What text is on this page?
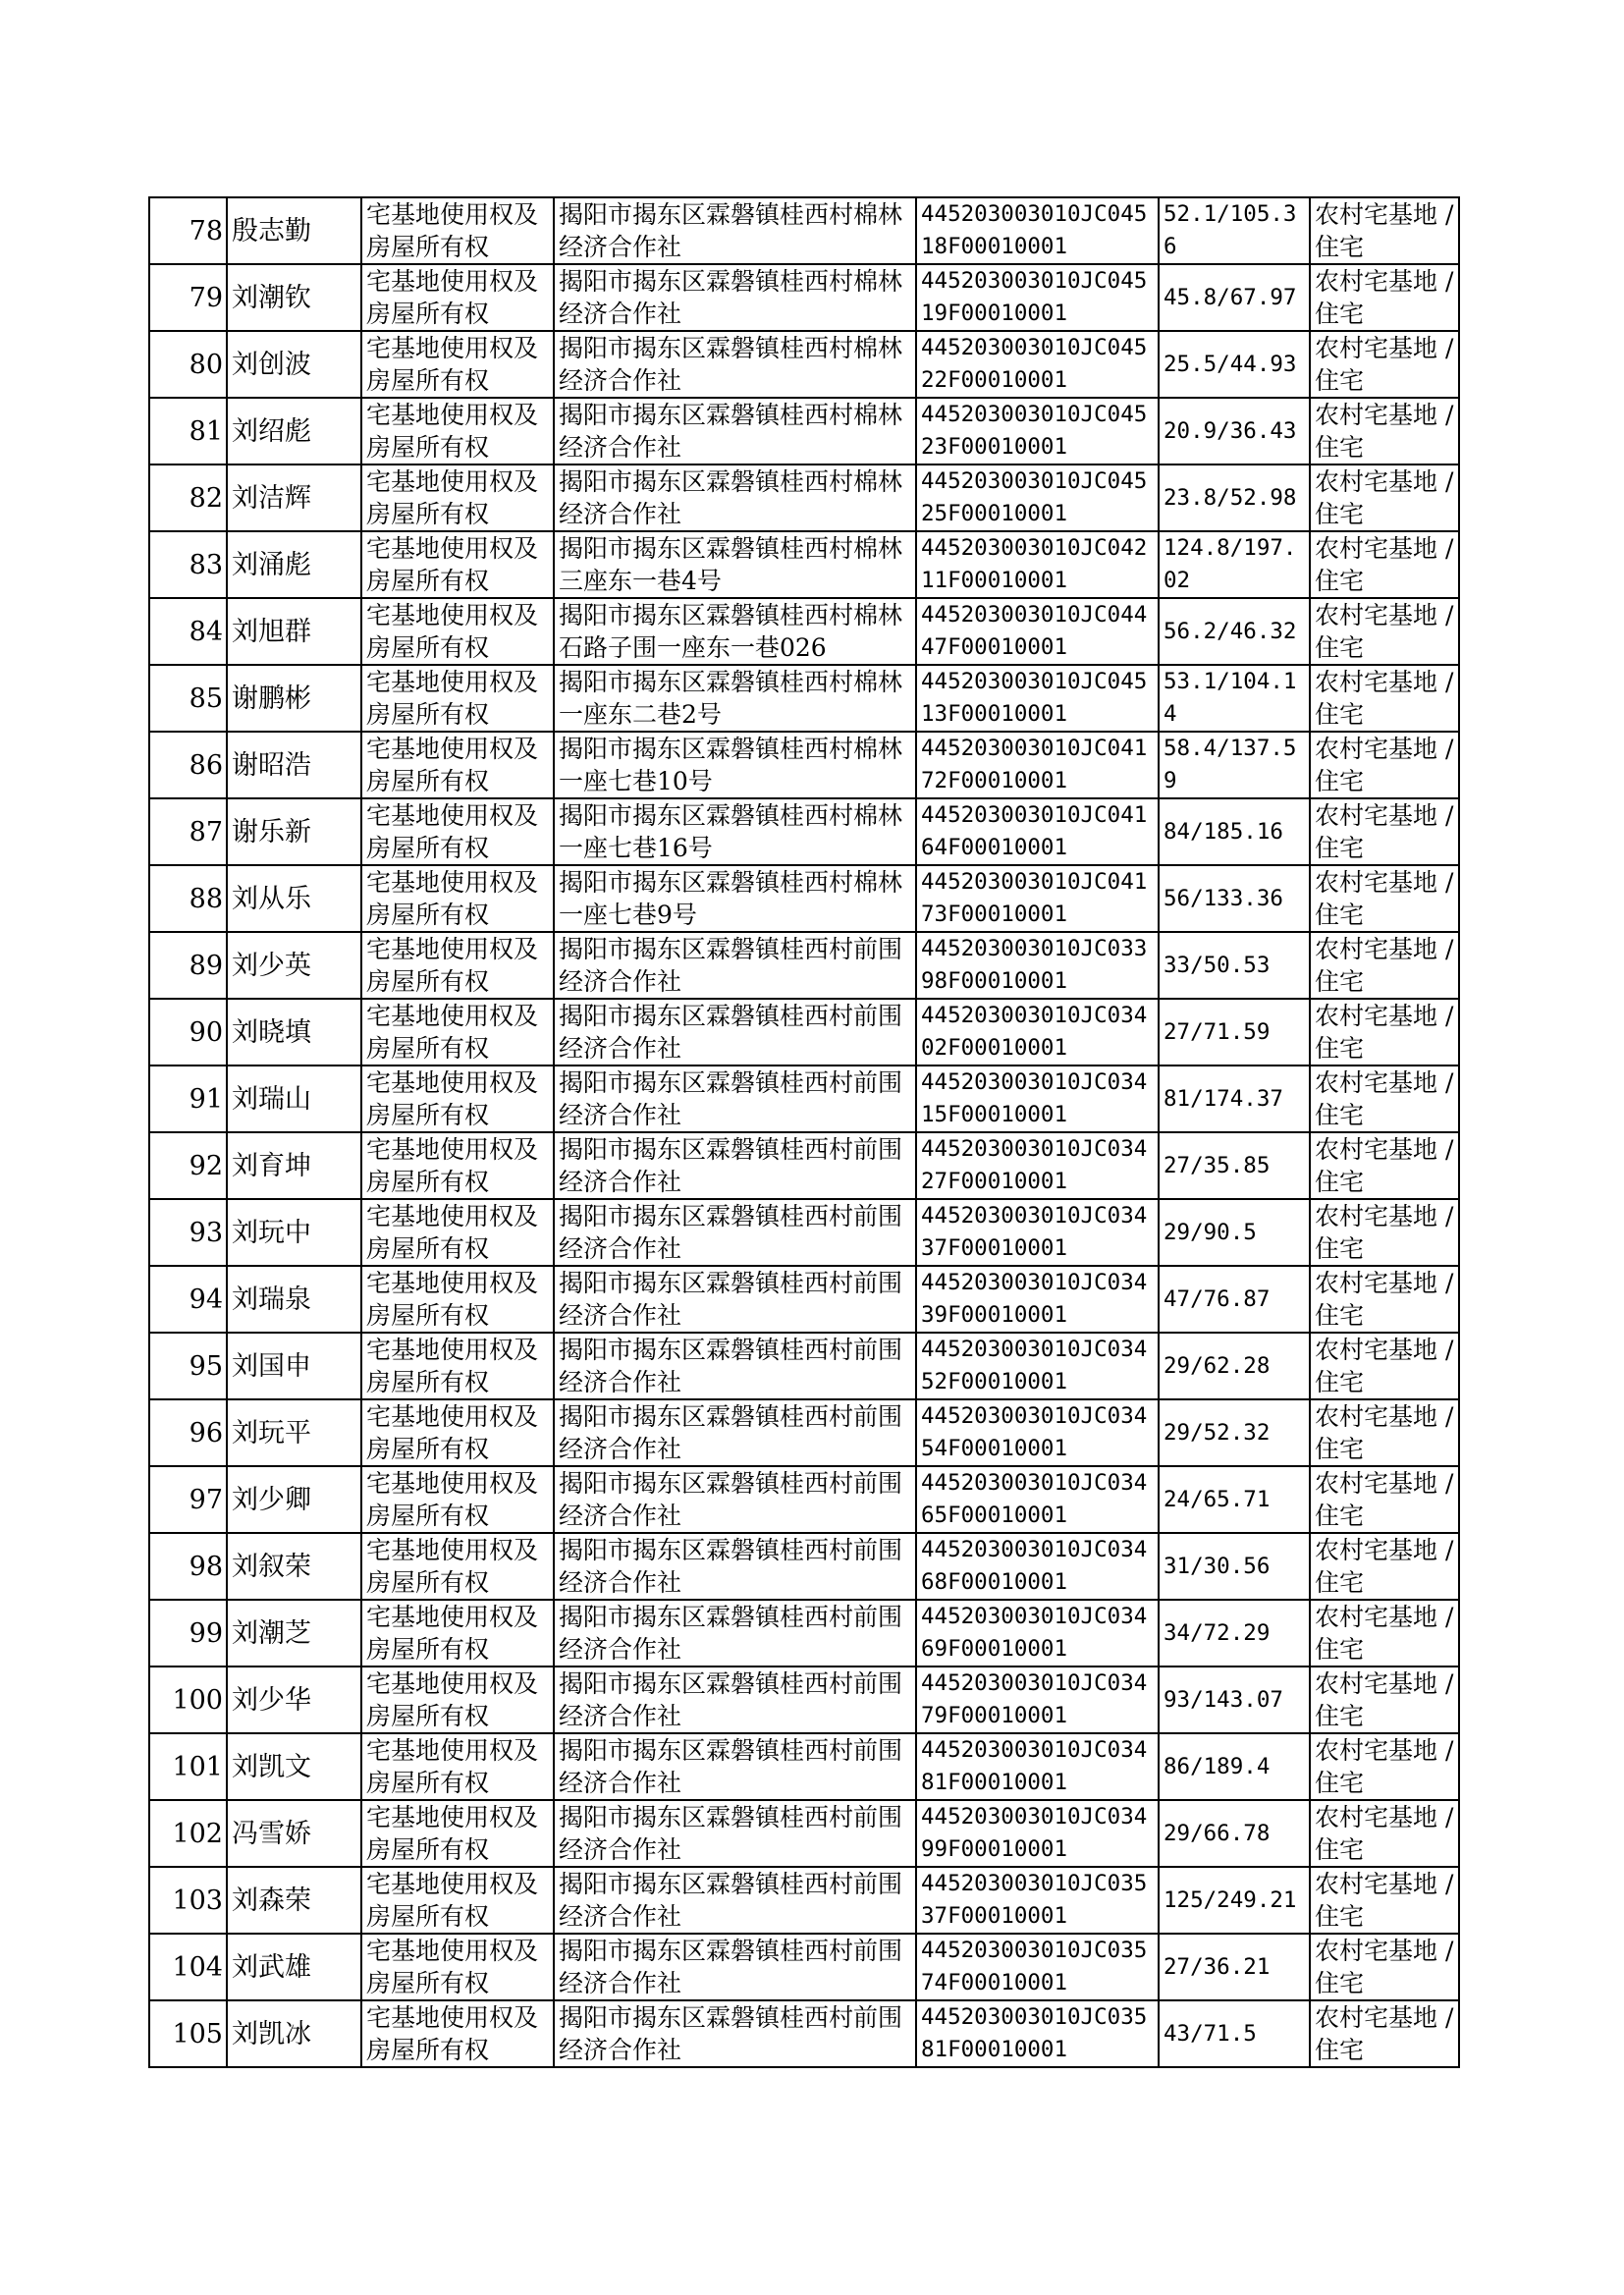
78	殷志勤	宅基地使用权及房屋所有权	揭阳市揭东区霖磐镇桂西村棉林经济合作社	445203003010JC04518F00010001	52.1/105.36	农村宅基地 / 住宅
79	刘潮钦	宅基地使用权及房屋所有权	揭阳市揭东区霖磐镇桂西村棉林经济合作社	445203003010JC04519F00010001	45.8/67.97	农村宅基地 / 住宅
80	刘创波	宅基地使用权及房屋所有权	揭阳市揭东区霖磐镇桂西村棉林经济合作社	445203003010JC04522F00010001	25.5/44.93	农村宅基地 / 住宅
81	刘绍彪	宅基地使用权及房屋所有权	揭阳市揭东区霖磐镇桂西村棉林经济合作社	445203003010JC04523F00010001	20.9/36.43	农村宅基地 / 住宅
82	刘洁辉	宅基地使用权及房屋所有权	揭阳市揭东区霖磐镇桂西村棉林经济合作社	445203003010JC04525F00010001	23.8/52.98	农村宅基地 / 住宅
83	刘涌彪	宅基地使用权及房屋所有权	揭阳市揭东区霖磐镇桂西村棉林三座东一巷4号	445203003010JC04211F00010001	124.8/197.02	农村宅基地 / 住宅
84	刘旭群	宅基地使用权及房屋所有权	揭阳市揭东区霖磐镇桂西村棉林石路子围一座东一巷026	445203003010JC04447F00010001	56.2/46.32	农村宅基地 / 住宅
85	谢鹏彬	宅基地使用权及房屋所有权	揭阳市揭东区霖磐镇桂西村棉林一座东二巷2号	445203003010JC04513F00010001	53.1/104.14	农村宅基地 / 住宅
86	谢昭浩	宅基地使用权及房屋所有权	揭阳市揭东区霖磐镇桂西村棉林一座七巷10号	445203003010JC04172F00010001	58.4/137.59	农村宅基地 / 住宅
87	谢乐新	宅基地使用权及房屋所有权	揭阳市揭东区霖磐镇桂西村棉林一座七巷16号	445203003010JC04164F00010001	84/185.16	农村宅基地 / 住宅
88	刘从乐	宅基地使用权及房屋所有权	揭阳市揭东区霖磐镇桂西村棉林一座七巷9号	445203003010JC04173F00010001	56/133.36	农村宅基地 / 住宅
89	刘少英	宅基地使用权及房屋所有权	揭阳市揭东区霖磐镇桂西村前围经济合作社	445203003010JC03398F00010001	33/50.53	农村宅基地 / 住宅
90	刘晓填	宅基地使用权及房屋所有权	揭阳市揭东区霖磐镇桂西村前围经济合作社	445203003010JC03402F00010001	27/71.59	农村宅基地 / 住宅
91	刘瑞山	宅基地使用权及房屋所有权	揭阳市揭东区霖磐镇桂西村前围经济合作社	445203003010JC03415F00010001	81/174.37	农村宅基地 / 住宅
92	刘育坤	宅基地使用权及房屋所有权	揭阳市揭东区霖磐镇桂西村前围经济合作社	445203003010JC03427F00010001	27/35.85	农村宅基地 / 住宅
93	刘玩中	宅基地使用权及房屋所有权	揭阳市揭东区霖磐镇桂西村前围经济合作社	445203003010JC03437F00010001	29/90.5	农村宅基地 / 住宅
94	刘瑞泉	宅基地使用权及房屋所有权	揭阳市揭东区霖磐镇桂西村前围经济合作社	445203003010JC03439F00010001	47/76.87	农村宅基地 / 住宅
95	刘国申	宅基地使用权及房屋所有权	揭阳市揭东区霖磐镇桂西村前围经济合作社	445203003010JC03452F00010001	29/62.28	农村宅基地 / 住宅
96	刘玩平	宅基地使用权及房屋所有权	揭阳市揭东区霖磐镇桂西村前围经济合作社	445203003010JC03454F00010001	29/52.32	农村宅基地 / 住宅
97	刘少卿	宅基地使用权及房屋所有权	揭阳市揭东区霖磐镇桂西村前围经济合作社	445203003010JC03465F00010001	24/65.71	农村宅基地 / 住宅
98	刘叙荣	宅基地使用权及房屋所有权	揭阳市揭东区霖磐镇桂西村前围经济合作社	445203003010JC03468F00010001	31/30.56	农村宅基地 / 住宅
99	刘潮芝	宅基地使用权及房屋所有权	揭阳市揭东区霖磐镇桂西村前围经济合作社	445203003010JC03469F00010001	34/72.29	农村宅基地 / 住宅
100	刘少华	宅基地使用权及房屋所有权	揭阳市揭东区霖磐镇桂西村前围经济合作社	445203003010JC03479F00010001	93/143.07	农村宅基地 / 住宅
101	刘凯文	宅基地使用权及房屋所有权	揭阳市揭东区霖磐镇桂西村前围经济合作社	445203003010JC03481F00010001	86/189.4	农村宅基地 / 住宅
102	冯雪娇	宅基地使用权及房屋所有权	揭阳市揭东区霖磐镇桂西村前围经济合作社	445203003010JC03499F00010001	29/66.78	农村宅基地 / 住宅
103	刘森荣	宅基地使用权及房屋所有权	揭阳市揭东区霖磐镇桂西村前围经济合作社	445203003010JC03537F00010001	125/249.21	农村宅基地 / 住宅
104	刘武雄	宅基地使用权及房屋所有权	揭阳市揭东区霖磐镇桂西村前围经济合作社	445203003010JC03574F00010001	27/36.21	农村宅基地 / 住宅
105	刘凯冰	宅基地使用权及房屋所有权	揭阳市揭东区霖磐镇桂西村前围经济合作社	445203003010JC03581F00010001	43/71.5	农村宅基地 / 住宅
